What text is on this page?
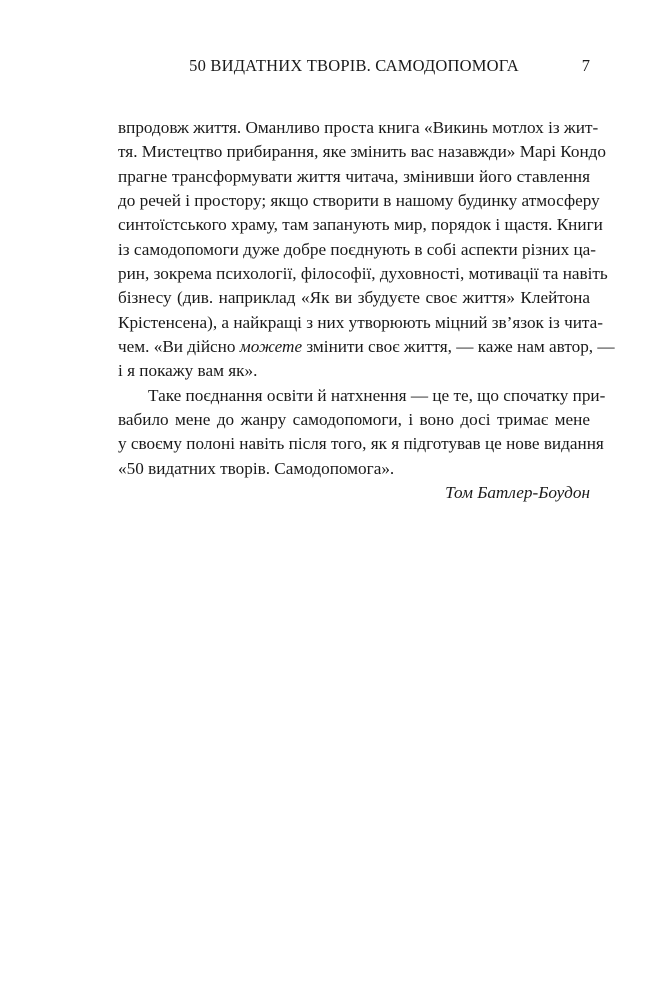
50 ВИДАТНИХ ТВОРІВ. САМОДОПОМОГА	7
впродовж життя. Оманливо проста книга «Викинь мотлох із жит-
тя. Мистецтво прибирання, яке змінить вас назавжди» Марі Кондо
прагне трансформувати життя читача, змінивши його ставлення
до речей і простору; якщо створити в нашому будинку атмосферу
синтоїстського храму, там запанують мир, порядок і щастя. Книги
із самодопомоги дуже добре поєднують в собі аспекти різних ца-
рин, зокрема психології, філософії, духовності, мотивації та навіть
бізнесу (див. наприклад «Як ви збудуєте своє життя» Клейтона
Крістенсена), а найкращі з них утворюють міцний зв’язок із чита-
чем. «Ви дійсно можете змінити своє життя, — каже нам автор, —
і я покажу вам як».
Таке поєднання освіти й натхнення — це те, що спочатку при-
вабило мене до жанру самодопомоги, і воно досі тримає мене
у своєму полоні навіть після того, як я підготував це нове видання
«50 видатних творів. Самодопомога».
Том Батлер-Боудон
